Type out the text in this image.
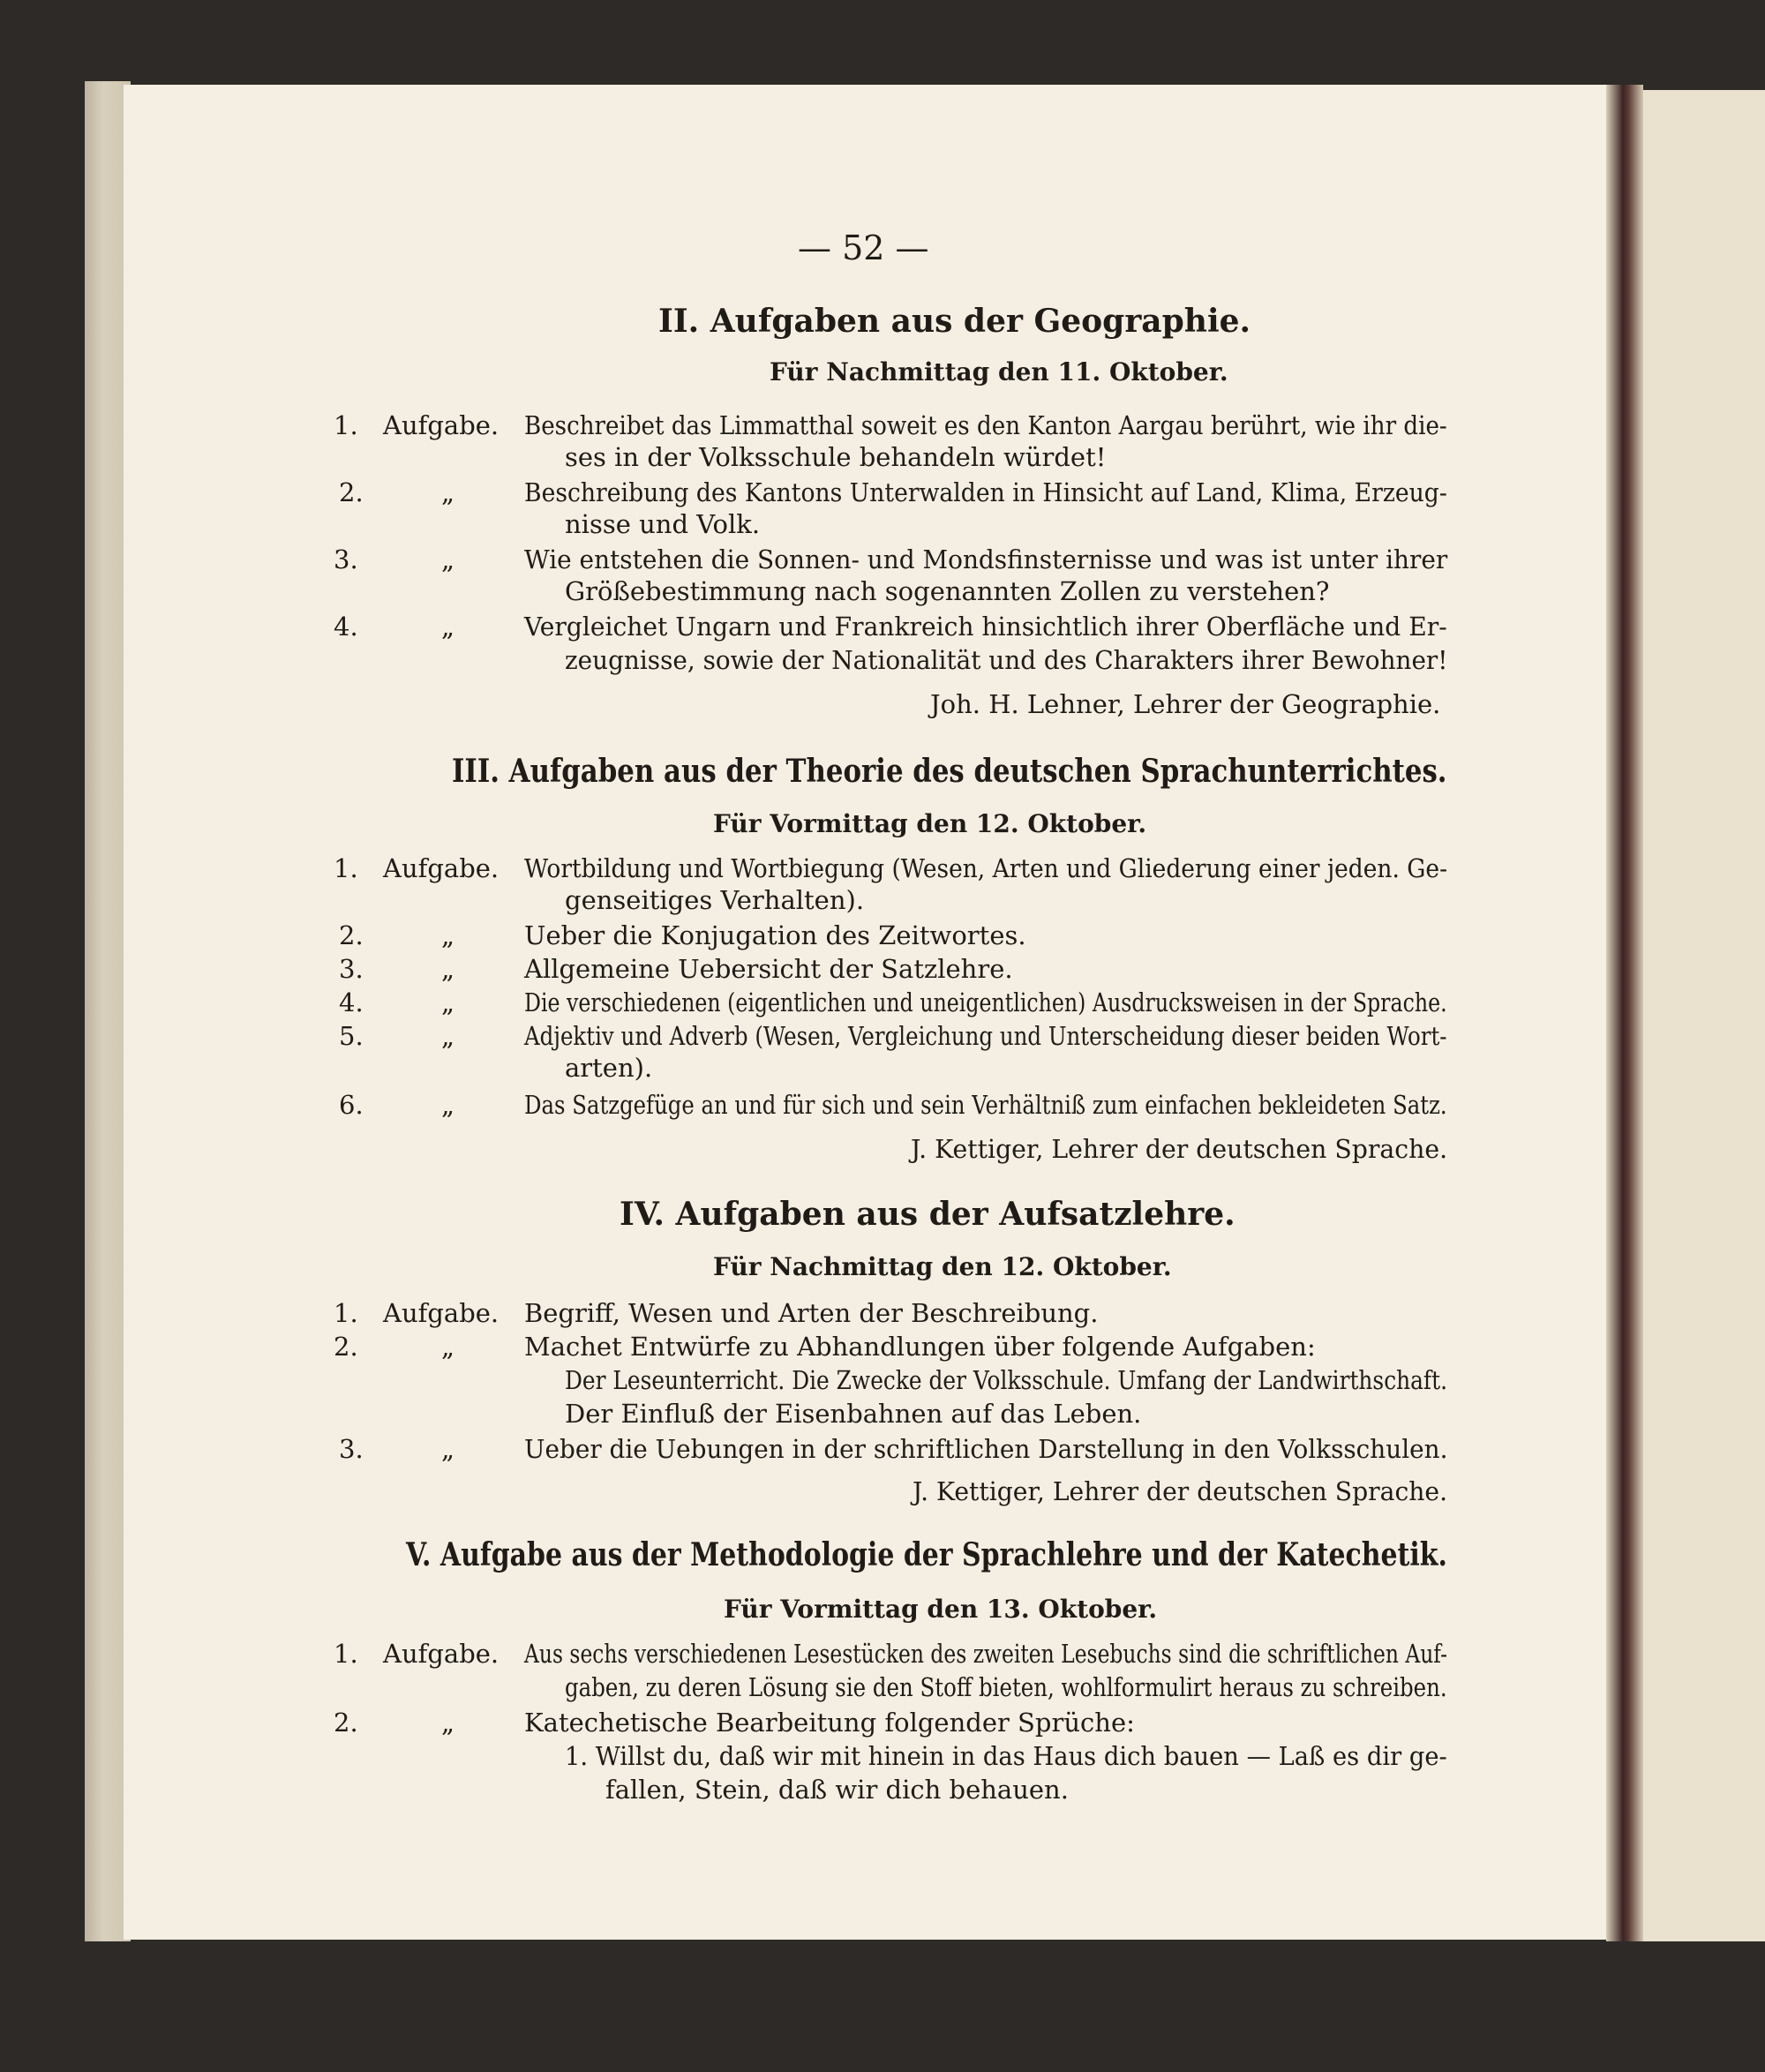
— 52 —
II. Aufgaben aus der Geographie.
Für Nachmittag den 11. Oktober.
1. Aufgabe. Beschreibet das Limmatthal soweit es den Kanton Aargau berührt, wie ihr die-
ses in der Volksschule behandeln würdet!
2.	„	Beschreibung des Kantons Unterwalden in Hinsicht auf Land, Klima, Erzeug-
nisse und Volk.
3.	„	Wie entstehen die Sonnen- und Mondsfinsternisse und was ist unter ihrer
Größebestimmung nach sogenannten Zollen zu verstehen?
4.	„	Vergleichet Ungarn und Frankreich hinsichtlich ihrer Oberfläche und Er-
zeugnisse, sowie der Nationalität und des Charakters ihrer Bewohner!
Joh. H. Lehner, Lehrer der Geographie.
III. Aufgaben aus der Theorie des deutschen Sprachunterrichtes.
Für Vormittag den 12. Oktober.
1. Aufgabe. Wortbildung und Wortbiegung (Wesen, Arten und Gliederung einer jeden. Ge-
genseitiges Verhalten).
2.	„	Ueber die Konjugation des Zeitwortes.
3.	„	Allgemeine Uebersicht der Satzlehre.
4.	„	Die verschiedenen (eigentlichen und uneigentlichen) Ausdrucksweisen in der Sprache.
5.	„	Adjektiv und Adverb (Wesen, Vergleichung und Unterscheidung dieser beiden Wort-
arten).
6.	„	Das Satzgefüge an und für sich und sein Verhältniß zum einfachen bekleideten Satz.
J. Kettiger, Lehrer der deutschen Sprache.
IV. Aufgaben aus der Aufsatzlehre.
Für Nachmittag den 12. Oktober.
1. Aufgabe. Begriff, Wesen und Arten der Beschreibung.
2.	„	Machet Entwürfe zu Abhandlungen über folgende Aufgaben:
Der Leseunterricht. Die Zwecke der Volksschule. Umfang der Landwirthschaft.
Der Einfluß der Eisenbahnen auf das Leben.
3.	„	Ueber die Uebungen in der schriftlichen Darstellung in den Volksschulen.
J. Kettiger, Lehrer der deutschen Sprache.
V. Aufgabe aus der Methodologie der Sprachlehre und der Katechetik.
Für Vormittag den 13. Oktober.
1. Aufgabe. Aus sechs verschiedenen Lesestücken des zweiten Lesebuchs sind die schriftlichen Auf-
gaben, zu deren Lösung sie den Stoff bieten, wohlformulirt heraus zu schreiben.
2.	„	Katechetische Bearbeitung folgender Sprüche:
1. Willst du, daß wir mit hinein in das Haus dich bauen — Laß es dir ge-
fallen, Stein, daß wir dich behauen.
